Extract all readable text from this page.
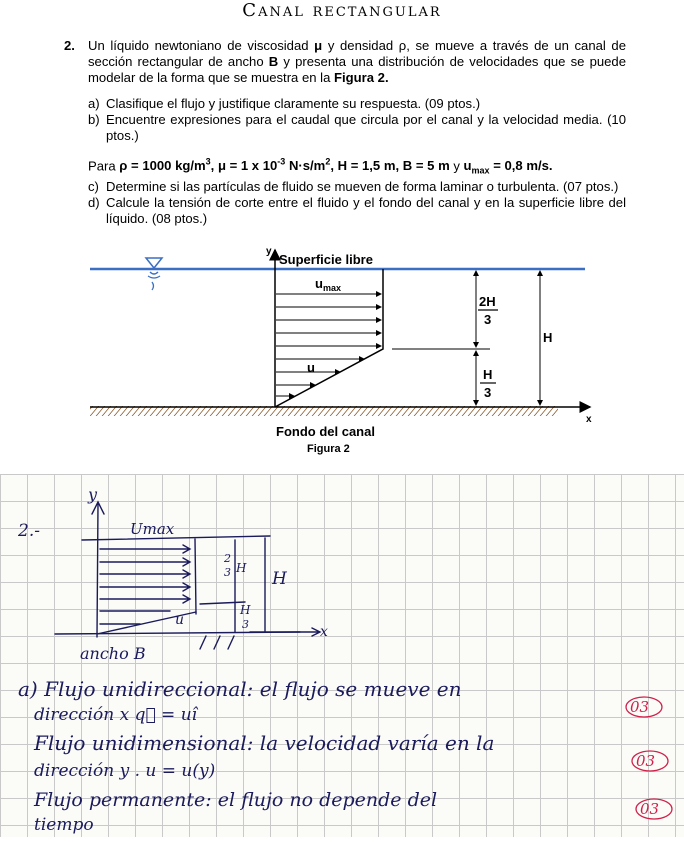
Canal rectangular
2. Un líquido newtoniano de viscosidad μ y densidad ρ, se mueve a través de un canal de sección rectangular de ancho B y presenta una distribución de velocidades que se puede modelar de la forma que se muestra en la Figura 2.
a) Clasifique el flujo y justifique claramente su respuesta. (09 ptos.)
b) Encuentre expresiones para el caudal que circula por el canal y la velocidad media. (10 ptos.)
Para ρ = 1000 $kg/m^3$, μ = 1 x $10^{-3}$ $N\cdot s/m^2$, H = 1,5 m, B = 5 m y $u_{max} = 0,8$ m/s.
c) Determine si las partículas de fluido se mueven de forma laminar o turbulenta. (07 ptos.)
d) Calcule la tensión de corte entre el fluido y el fondo del canal y en la superficie libre del líquido. (08 ptos.)
y
Superficie libre
$u_{max}$
u
2H
3
H
3
H
x
Fondo del canal
Figura 2
2.-
y
Umax
u
2
3 H
H
H
3	x
ancho B
a) Flujo unidireccional: el flujo se mueve en
dirección x q⃗ = uî
Flujo unidimensional: la velocidad varía en la
dirección y . u = u(y)
Flujo permanente: el flujo no depende del
tiempo
03
03
03
